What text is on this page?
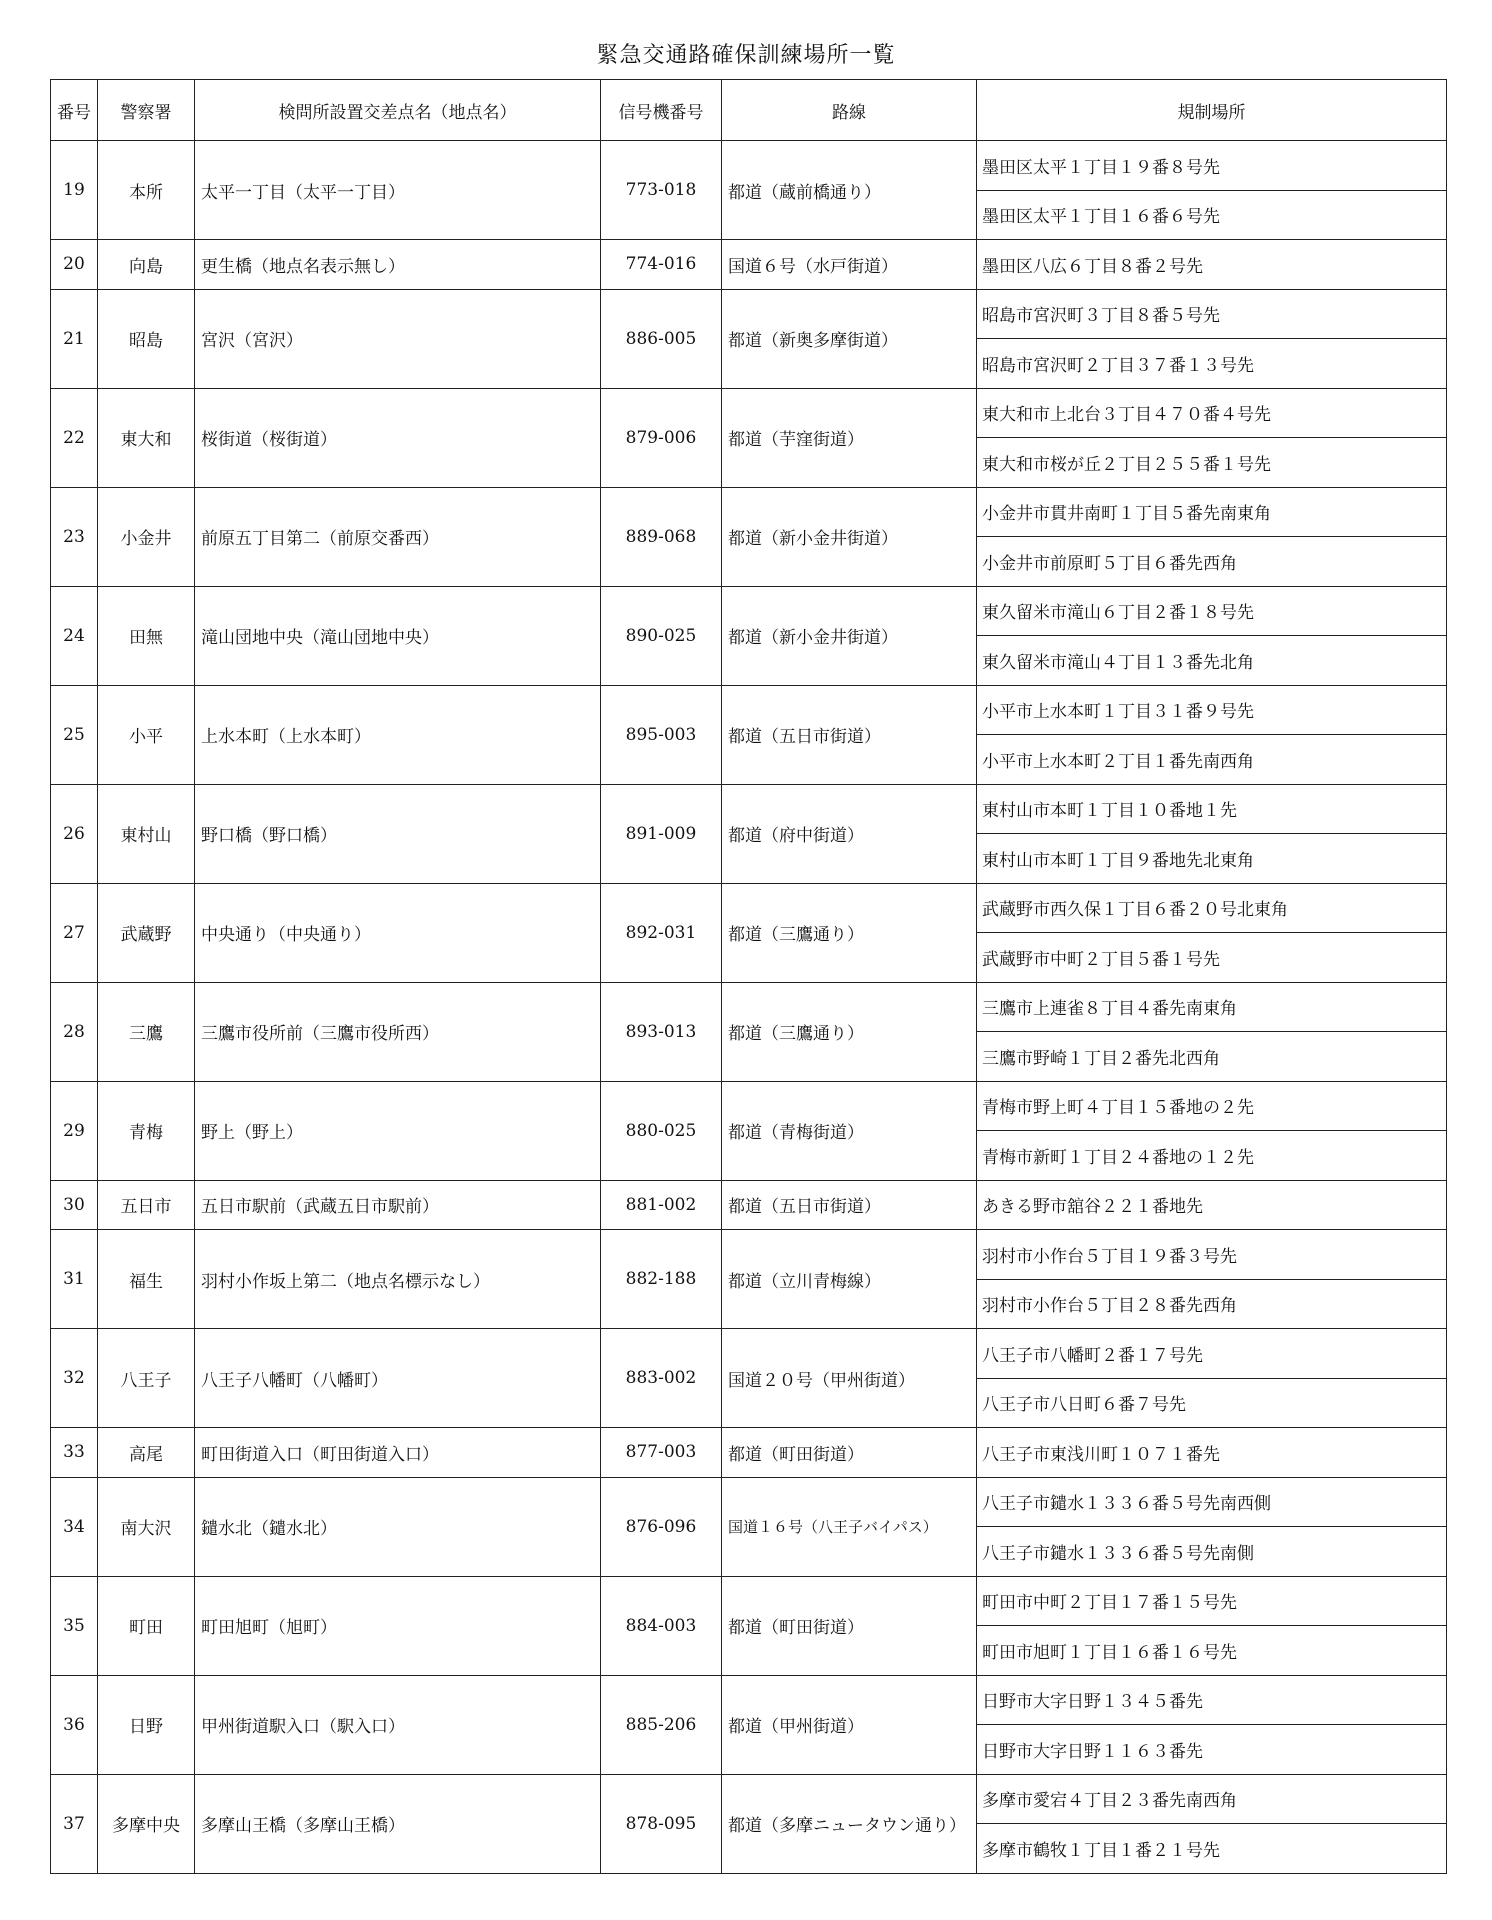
緊急交通路確保訓練場所一覧
番号	警察署	検問所設置交差点名（地点名）	信号機番号	路線	規制場所
19	本所	太平一丁目（太平一丁目）	773-018	都道（蔵前橋通り）	墨田区太平１丁目１９番８号先
					墨田区太平１丁目１６番６号先
20	向島	更生橋（地点名表示無し）	774-016	国道６号（水戸街道）	墨田区八広６丁目８番２号先
21	昭島	宮沢（宮沢）	886-005	都道（新奥多摩街道）	昭島市宮沢町３丁目８番５号先
					昭島市宮沢町２丁目３７番１３号先
22	東大和	桜街道（桜街道）	879-006	都道（芋窪街道）	東大和市上北台３丁目４７０番４号先
					東大和市桜が丘２丁目２５５番１号先
23	小金井	前原五丁目第二（前原交番西）	889-068	都道（新小金井街道）	小金井市貫井南町１丁目５番先南東角
					小金井市前原町５丁目６番先西角
24	田無	滝山団地中央（滝山団地中央）	890-025	都道（新小金井街道）	東久留米市滝山６丁目２番１８号先
					東久留米市滝山４丁目１３番先北角
25	小平	上水本町（上水本町）	895-003	都道（五日市街道）	小平市上水本町１丁目３１番９号先
					小平市上水本町２丁目１番先南西角
26	東村山	野口橋（野口橋）	891-009	都道（府中街道）	東村山市本町１丁目１０番地１先
					東村山市本町１丁目９番地先北東角
27	武蔵野	中央通り（中央通り）	892-031	都道（三鷹通り）	武蔵野市西久保１丁目６番２０号北東角
					武蔵野市中町２丁目５番１号先
28	三鷹	三鷹市役所前（三鷹市役所西）	893-013	都道（三鷹通り）	三鷹市上連雀８丁目４番先南東角
					三鷹市野崎１丁目２番先北西角
29	青梅	野上（野上）	880-025	都道（青梅街道）	青梅市野上町４丁目１５番地の２先
					青梅市新町１丁目２４番地の１２先
30	五日市	五日市駅前（武蔵五日市駅前）	881-002	都道（五日市街道）	あきる野市舘谷２２１番地先
31	福生	羽村小作坂上第二（地点名標示なし）	882-188	都道（立川青梅線）	羽村市小作台５丁目１９番３号先
					羽村市小作台５丁目２８番先西角
32	八王子	八王子八幡町（八幡町）	883-002	国道２０号（甲州街道）	八王子市八幡町２番１７号先
					八王子市八日町６番７号先
33	高尾	町田街道入口（町田街道入口）	877-003	都道（町田街道）	八王子市東浅川町１０７１番先
34	南大沢	鑓水北（鑓水北）	876-096	国道１６号（八王子バイパス）	八王子市鑓水１３３６番５号先南西側
					八王子市鑓水１３３６番５号先南側
35	町田	町田旭町（旭町）	884-003	都道（町田街道）	町田市中町２丁目１７番１５号先
					町田市旭町１丁目１６番１６号先
36	日野	甲州街道駅入口（駅入口）	885-206	都道（甲州街道）	日野市大字日野１３４５番先
					日野市大字日野１１６３番先
37	多摩中央	多摩山王橋（多摩山王橋）	878-095	都道（多摩ニュータウン通り）	多摩市愛宕４丁目２３番先南西角
					多摩市鶴牧１丁目１番２１号先
